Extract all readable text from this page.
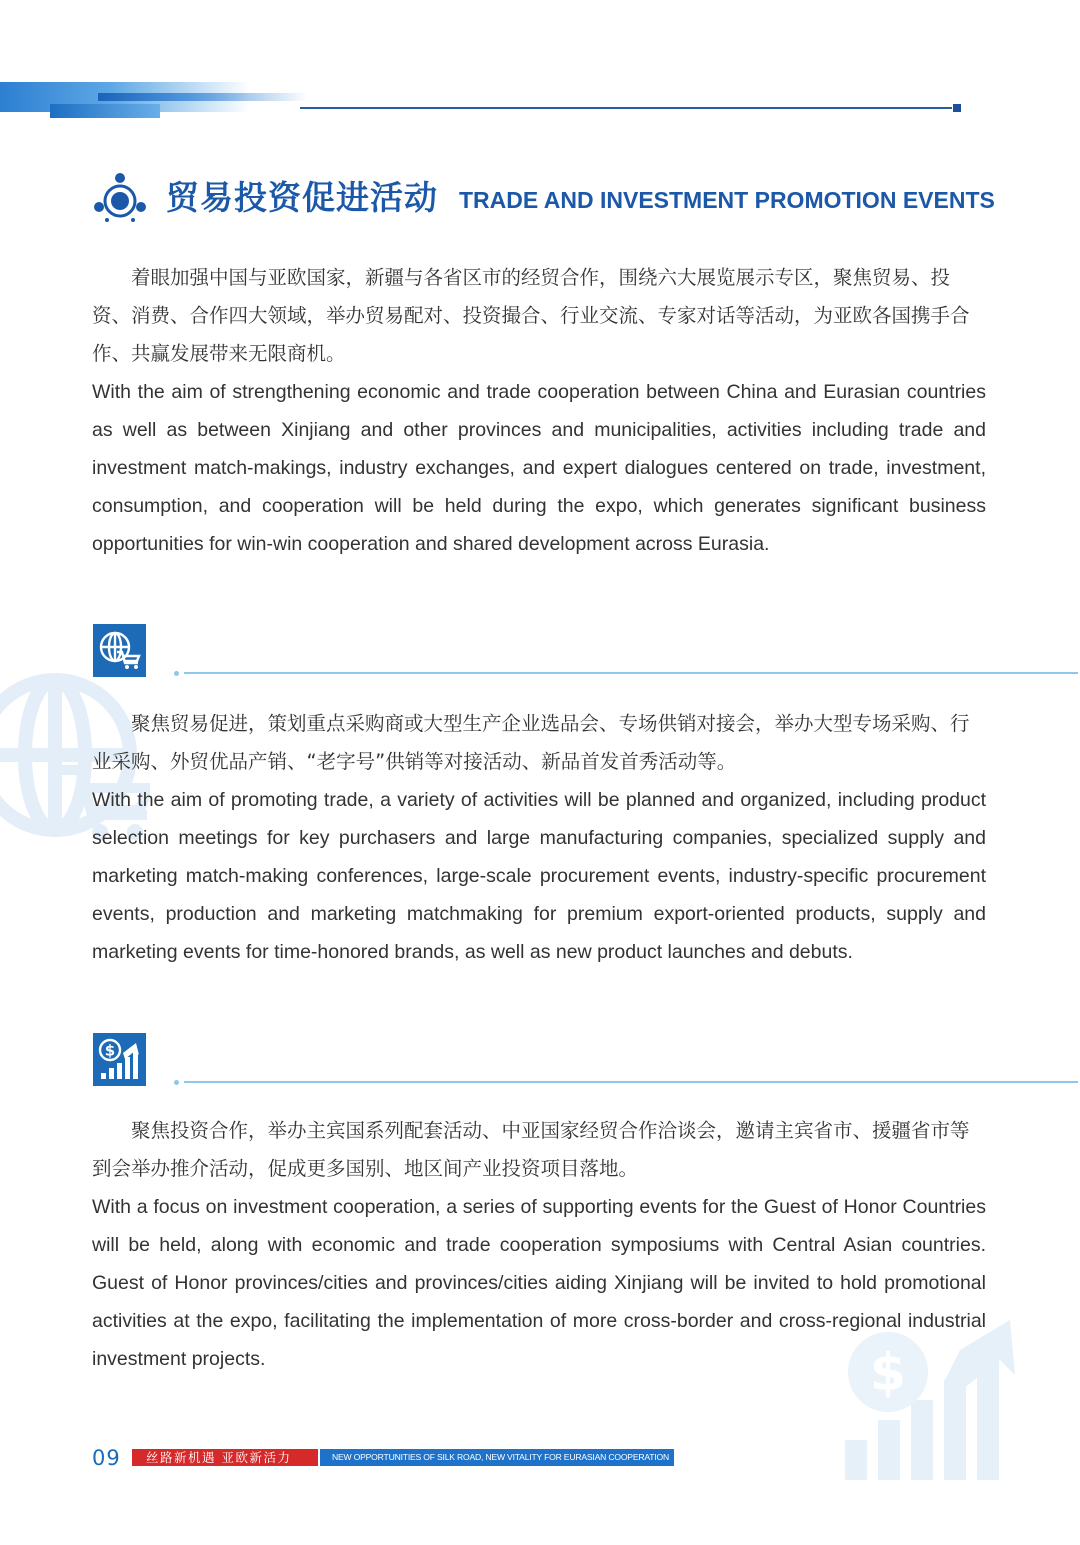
$
贸易投资促进活动 TRADE AND INVESTMENT PROMOTION EVENTS

着眼加强中国与亚欧国家，新疆与各省区市的经贸合作，围绕六大展览展示专区，聚焦贸易、投资、消费、合作四大领域，举办贸易配对、投资撮合、行业交流、专家对话等活动，为亚欧各国携手合作、共赢发展带来无限商机。

With the aim of strengthening economic and trade cooperation between China and Eurasian countries as well as between Xinjiang and other provinces and municipalities, activities including trade and investment match-makings, industry exchanges, and expert dialogues centered on trade, investment, consumption, and cooperation will be held during the expo, which generates significant business opportunities for win-win cooperation and shared development across Eurasia.

聚焦贸易促进，策划重点采购商或大型生产企业选品会、专场供销对接会，举办大型专场采购、行业采购、外贸优品产销、“老字号”供销等对接活动、新品首发首秀活动等。

With the aim of promoting trade, a variety of activities will be planned and organized, including product selection meetings for key purchasers and large manufacturing companies, specialized supply and marketing match-making conferences, large-scale procurement events, industry-specific procurement events, production and marketing matchmaking for premium export-oriented products, supply and marketing events for time-honored brands, as well as new product launches and debuts.

$

聚焦投资合作，举办主宾国系列配套活动、中亚国家经贸合作洽谈会，邀请主宾省市、援疆省市等到会举办推介活动，促成更多国别、地区间产业投资项目落地。

With a focus on investment cooperation, a series of supporting events for the Guest of Honor Countries will be held, along with economic and trade cooperation symposiums with Central Asian countries. Guest of Honor provinces/cities and provinces/cities aiding Xinjiang will be invited to hold promotional activities at the expo, facilitating the implementation of more cross-border and cross-regional industrial investment projects.

09	丝路新机遇 亚欧新活力	NEW OPPORTUNITIES OF SILK ROAD, NEW VITALITY FOR EURASIAN COOPERATION
